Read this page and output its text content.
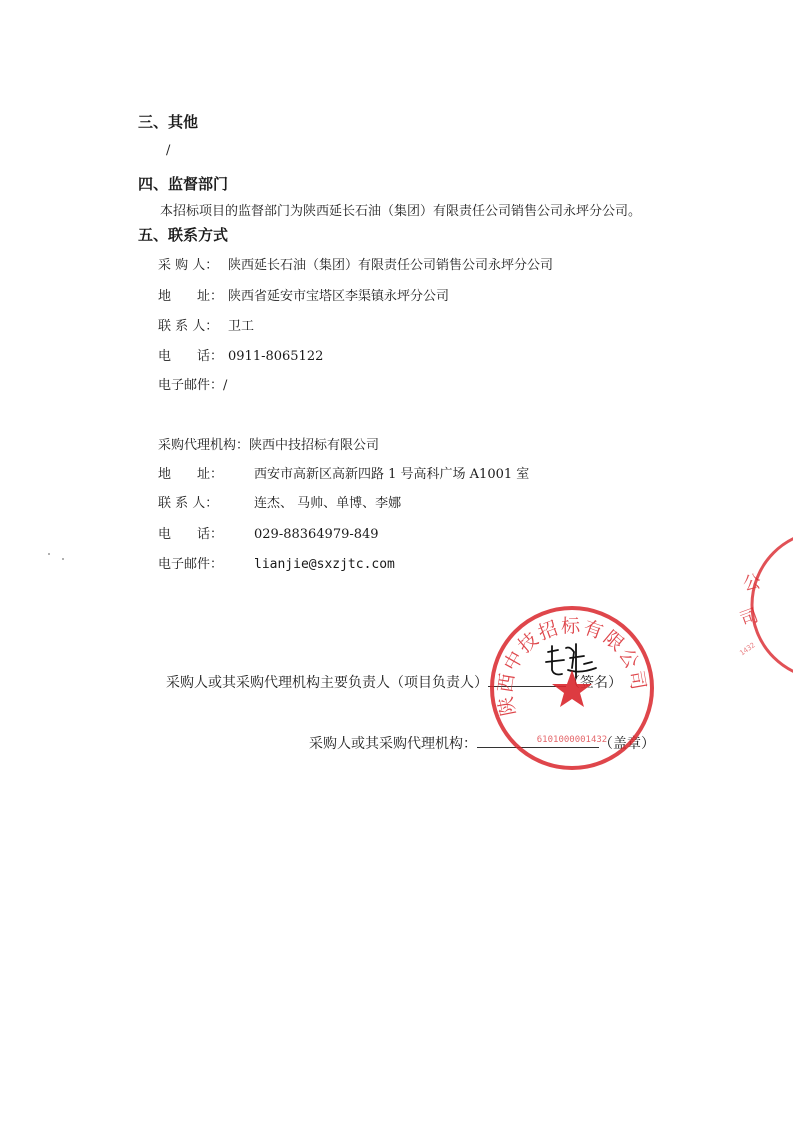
三、其他
/
四、监督部门
本招标项目的监督部门为陕西延长石油（集团）有限责任公司销售公司永坪分公司。
五、联系方式
采 购 人： 陕西延长石油（集团）有限责任公司销售公司永坪分公司
地　　址： 陕西省延安市宝塔区李渠镇永坪分公司
联 系 人： 卫工
电　　话： 0911-8065122
电子邮件：/
采购代理机构：陕西中技招标有限公司
地　　址： 西安市高新区高新四路 1 号高科广场 A1001 室
联 系 人：	连杰、 马帅、单博、李娜
电　　话： 029-88364979-849
电子邮件： lianjie@sxzjtc.com
采购人或其采购代理机构主要负责人（项目负责人）	（签名）
采购人或其采购代理机构：	（盖章）
陕西中技招标有限公司
6101000001432
公
司
1432
